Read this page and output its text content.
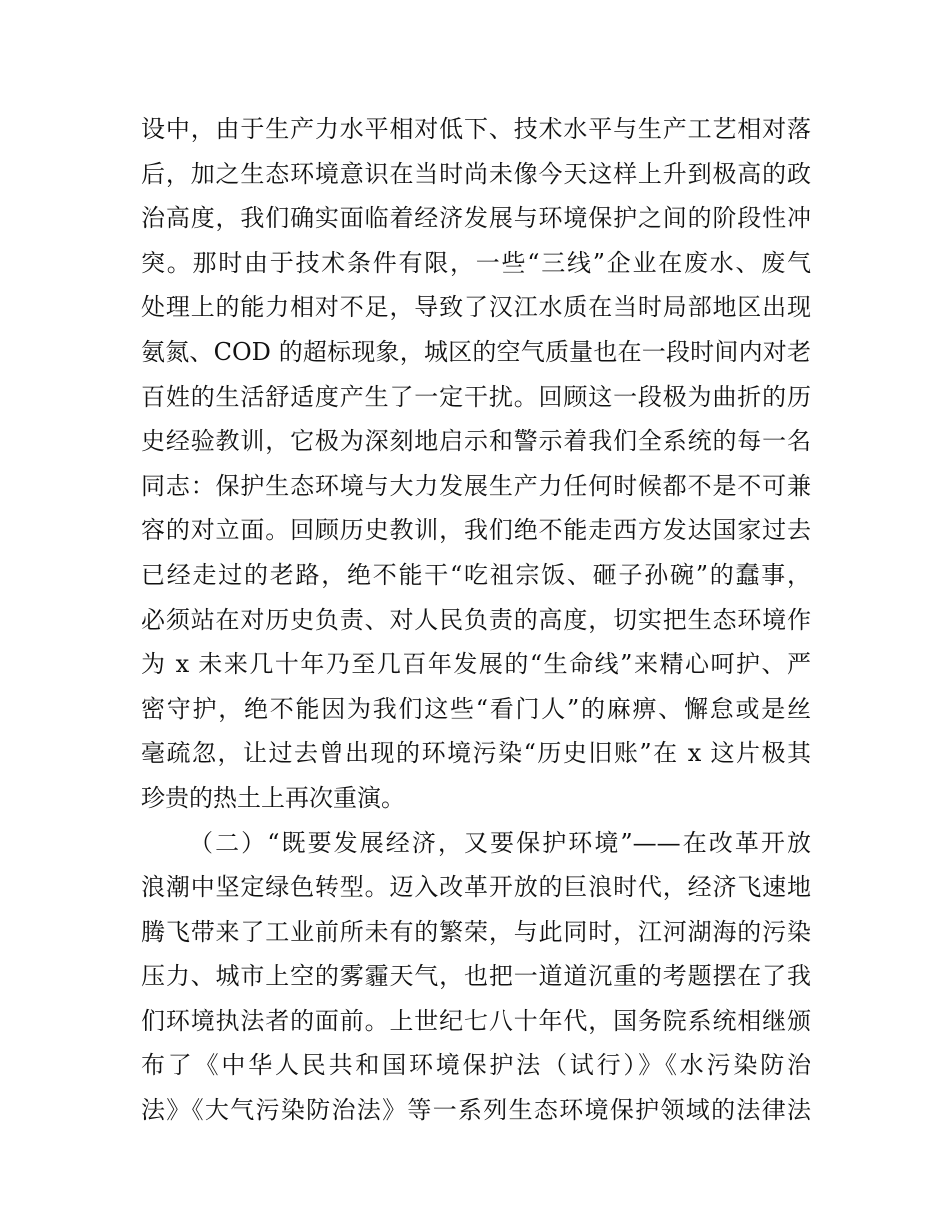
设中，由于生产力水平相对低下、技术水平与生产工艺相对落
后，加之生态环境意识在当时尚未像今天这样上升到极高的政
治高度，我们确实面临着经济发展与环境保护之间的阶段性冲
突。那时由于技术条件有限，一些“三线”企业在废水、废气
处理上的能力相对不足，导致了汉江水质在当时局部地区出现
氨氮、COD 的超标现象，城区的空气质量也在一段时间内对老
百姓的生活舒适度产生了一定干扰。回顾这一段极为曲折的历
史经验教训，它极为深刻地启示和警示着我们全系统的每一名
同志：保护生态环境与大力发展生产力任何时候都不是不可兼
容的对立面。回顾历史教训，我们绝不能走西方发达国家过去
已经走过的老路，绝不能干“吃祖宗饭、砸子孙碗”的蠢事，
必须站在对历史负责、对人民负责的高度，切实把生态环境作
为 x 未来几十年乃至几百年发展的“生命线”来精心呵护、严
密守护，绝不能因为我们这些“看门人”的麻痹、懈怠或是丝
毫疏忽，让过去曾出现的环境污染“历史旧账”在 x 这片极其
珍贵的热土上再次重演。
（二）“既要发展经济，又要保护环境”——在改革开放
浪潮中坚定绿色转型。迈入改革开放的巨浪时代，经济飞速地
腾飞带来了工业前所未有的繁荣，与此同时，江河湖海的污染
压力、城市上空的雾霾天气，也把一道道沉重的考题摆在了我
们环境执法者的面前。上世纪七八十年代，国务院系统相继颁
布了《中华人民共和国环境保护法（试行）》《水污染防治
法》《大气污染防治法》等一系列生态环境保护领域的法律法
